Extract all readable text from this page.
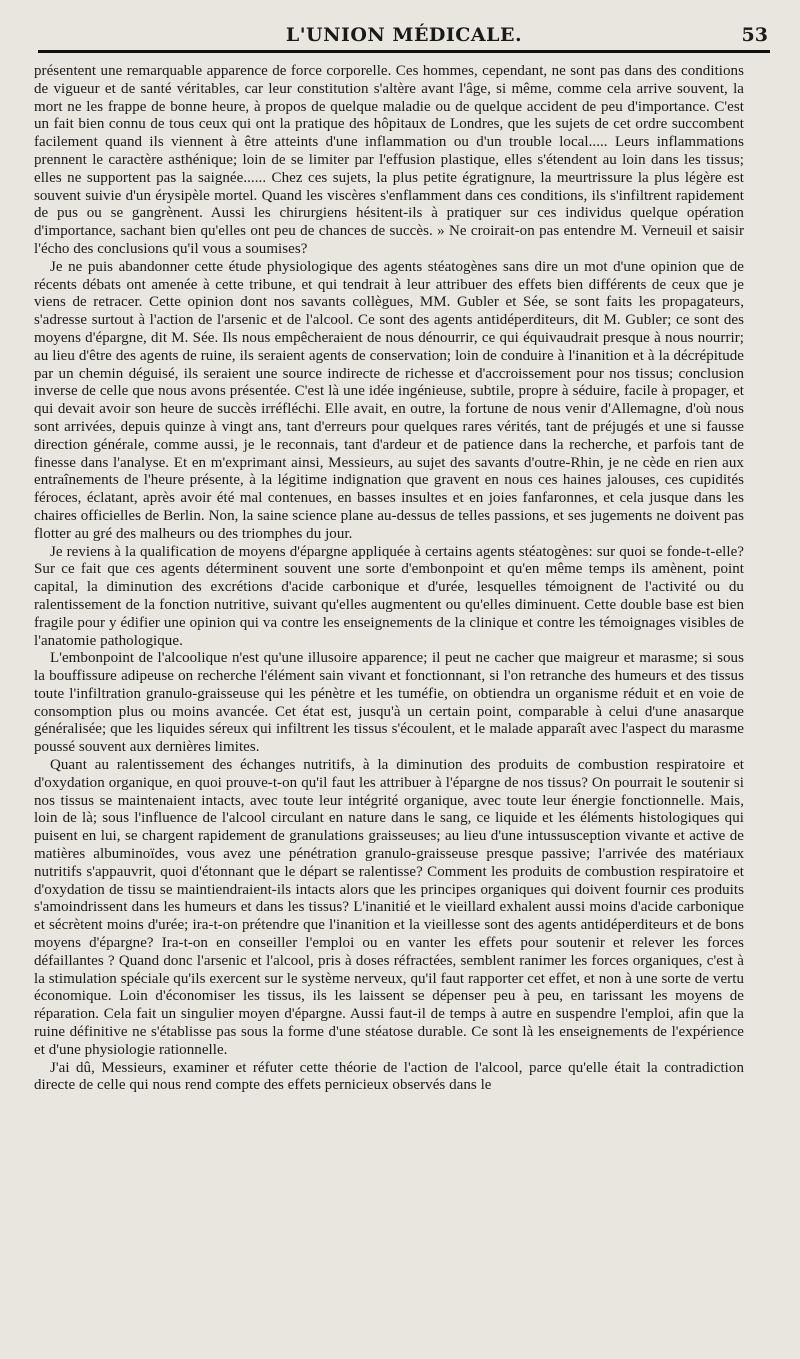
L'UNION MÉDICALE.	53

présentent une remarquable apparence de force corporelle. Ces hommes, cependant, ne sont pas dans des conditions de vigueur et de santé véritables, car leur constitution s'altère avant l'âge, si même, comme cela arrive souvent, la mort ne les frappe de bonne heure, à propos de quelque maladie ou de quelque accident de peu d'importance. C'est un fait bien connu de tous ceux qui ont la pratique des hôpitaux de Londres, que les sujets de cet ordre succombent facilement quand ils viennent à être atteints d'une inflammation ou d'un trouble local..... Leurs inflammations prennent le caractère asthénique; loin de se limiter par l'effusion plastique, elles s'étendent au loin dans les tissus; elles ne supportent pas la saignée...... Chez ces sujets, la plus petite égratignure, la meurtrissure la plus légère est souvent suivie d'un érysipèle mortel. Quand les viscères s'enflamment dans ces conditions, ils s'infiltrent rapidement de pus ou se gangrènent. Aussi les chirurgiens hésitent-ils à pratiquer sur ces individus quelque opération d'importance, sachant bien qu'elles ont peu de chances de succès. » Ne croirait-on pas entendre M. Verneuil et saisir l'écho des conclusions qu'il vous a soumises?

Je ne puis abandonner cette étude physiologique des agents stéatogènes sans dire un mot d'une opinion que de récents débats ont amenée à cette tribune, et qui tendrait à leur attribuer des effets bien différents de ceux que je viens de retracer. Cette opinion dont nos savants collègues, MM. Gubler et Sée, se sont faits les propagateurs, s'adresse surtout à l'action de l'arsenic et de l'alcool. Ce sont des agents antidéperditeurs, dit M. Gubler; ce sont des moyens d'épargne, dit M. Sée. Ils nous empêcheraient de nous dénourrir, ce qui équivaudrait presque à nous nourrir; au lieu d'être des agents de ruine, ils seraient agents de conservation; loin de conduire à l'inanition et à la décrépitude par un chemin déguisé, ils seraient une source indirecte de richesse et d'accroissement pour nos tissus; conclusion inverse de celle que nous avons présentée. C'est là une idée ingénieuse, subtile, propre à séduire, facile à propager, et qui devait avoir son heure de succès irréfléchi. Elle avait, en outre, la fortune de nous venir d'Allemagne, d'où nous sont arrivées, depuis quinze à vingt ans, tant d'erreurs pour quelques rares vérités, tant de préjugés et une si fausse direction générale, comme aussi, je le reconnais, tant d'ardeur et de patience dans la recherche, et parfois tant de finesse dans l'analyse. Et en m'exprimant ainsi, Messieurs, au sujet des savants d'outre-Rhin, je ne cède en rien aux entraînements de l'heure présente, à la légitime indignation que gravent en nous ces haines jalouses, ces cupidités féroces, éclatant, après avoir été mal contenues, en basses insultes et en joies fanfaronnes, et cela jusque dans les chaires officielles de Berlin. Non, la saine science plane au-dessus de telles passions, et ses jugements ne doivent pas flotter au gré des malheurs ou des triomphes du jour.

Je reviens à la qualification de moyens d'épargne appliquée à certains agents stéatogènes: sur quoi se fonde-t-elle? Sur ce fait que ces agents déterminent souvent une sorte d'embonpoint et qu'en même temps ils amènent, point capital, la diminution des excrétions d'acide carbonique et d'urée, lesquelles témoignent de l'activité ou du ralentissement de la fonction nutritive, suivant qu'elles augmentent ou qu'elles diminuent. Cette double base est bien fragile pour y édifier une opinion qui va contre les enseignements de la clinique et contre les témoignages visibles de l'anatomie pathologique.

L'embonpoint de l'alcoolique n'est qu'une illusoire apparence; il peut ne cacher que maigreur et marasme; si sous la bouffissure adipeuse on recherche l'élément sain vivant et fonctionnant, si l'on retranche des humeurs et des tissus toute l'infiltration granulo-graisseuse qui les pénètre et les tuméfie, on obtiendra un organisme réduit et en voie de consomption plus ou moins avancée. Cet état est, jusqu'à un certain point, comparable à celui d'une anasarque généralisée; que les liquides séreux qui infiltrent les tissus s'écoulent, et le malade apparaît avec l'aspect du marasme poussé souvent aux dernières limites.

Quant au ralentissement des échanges nutritifs, à la diminution des produits de combustion respiratoire et d'oxydation organique, en quoi prouve-t-on qu'il faut les attribuer à l'épargne de nos tissus? On pourrait le soutenir si nos tissus se maintenaient intacts, avec toute leur intégrité organique, avec toute leur énergie fonctionnelle. Mais, loin de là; sous l'influence de l'alcool circulant en nature dans le sang, ce liquide et les éléments histologiques qui puisent en lui, se chargent rapidement de granulations graisseuses; au lieu d'une intussusception vivante et active de matières albuminoïdes, vous avez une pénétration granulo-graisseuse presque passive; l'arrivée des matériaux nutritifs s'appauvrit, quoi d'étonnant que le départ se ralentisse? Comment les produits de combustion respiratoire et d'oxydation de tissu se maintiendraient-ils intacts alors que les principes organiques qui doivent fournir ces produits s'amoindrissent dans les humeurs et dans les tissus? L'inanitié et le vieillard exhalent aussi moins d'acide carbonique et sécrètent moins d'urée; ira-t-on prétendre que l'inanition et la vieillesse sont des agents antidéperditeurs et de bons moyens d'épargne? Ira-t-on en conseiller l'emploi ou en vanter les effets pour soutenir et relever les forces défaillantes ? Quand donc l'arsenic et l'alcool, pris à doses réfractées, semblent ranimer les forces organiques, c'est à la stimulation spéciale qu'ils exercent sur le système nerveux, qu'il faut rapporter cet effet, et non à une sorte de vertu économique. Loin d'économiser les tissus, ils les laissent se dépenser peu à peu, en tarissant les moyens de réparation. Cela fait un singulier moyen d'épargne. Aussi faut-il de temps à autre en suspendre l'emploi, afin que la ruine définitive ne s'établisse pas sous la forme d'une stéatose durable. Ce sont là les enseignements de l'expérience et d'une physiologie rationnelle.

J'ai dû, Messieurs, examiner et réfuter cette théorie de l'action de l'alcool, parce qu'elle était la contradiction directe de celle qui nous rend compte des effets pernicieux observés dans le
